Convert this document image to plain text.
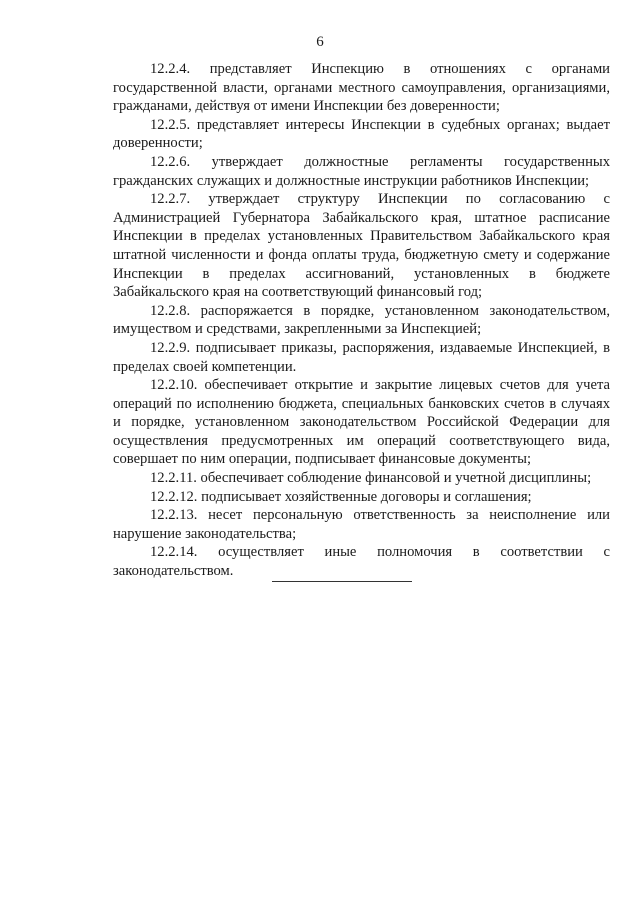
6

12.2.4. представляет Инспекцию в отношениях с органами государственной власти, органами местного самоуправления, организациями, гражданами, действуя от имени Инспекции без доверенности;

12.2.5. представляет интересы Инспекции в судебных органах; выдает доверенности;

12.2.6. утверждает должностные регламенты государственных гражданских служащих и должностные инструкции работников Инспекции;

12.2.7. утверждает структуру Инспекции по согласованию с Администрацией Губернатора Забайкальского края, штатное расписание Инспекции в пределах установленных Правительством Забайкальского края штатной численности и фонда оплаты труда, бюджетную смету и содержание Инспекции в пределах ассигнований, установленных в бюджете Забайкальского края на соответствующий финансовый год;

12.2.8. распоряжается в порядке, установленном законодательством, имуществом и средствами, закрепленными за Инспекцией;

12.2.9. подписывает приказы, распоряжения, издаваемые Инспекцией, в пределах своей компетенции.

12.2.10. обеспечивает открытие и закрытие лицевых счетов для учета операций по исполнению бюджета, специальных банковских счетов в случаях и порядке, установленном законодательством Российской Федерации для осуществления предусмотренных им операций соответствующего вида, совершает по ним операции, подписывает финансовые документы;

12.2.11. обеспечивает соблюдение финансовой и учетной дисциплины;

12.2.12. подписывает хозяйственные договоры и соглашения;

12.2.13. несет персональную ответственность за неисполнение или нарушение законодательства;

12.2.14. осуществляет иные полномочия в соответствии с законодательством.
